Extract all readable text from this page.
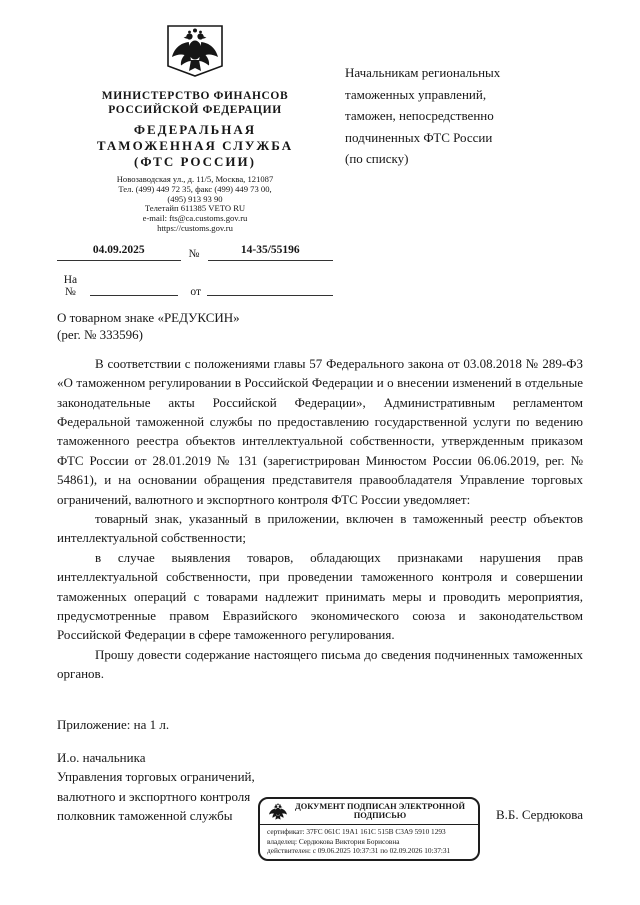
МИНИСТЕРСТВО ФИНАНСОВ
РОССИЙСКОЙ ФЕДЕРАЦИИ
ФЕДЕРАЛЬНАЯ
ТАМОЖЕННАЯ СЛУЖБА
(ФТС РОССИИ)
Новозаводская ул., д. 11/5, Москва, 121087
Тел. (499) 449 72 35, факс (499) 449 73 00,
(495) 913 93 90
Телетайп 611385 VETO RU
e-mail: fts@ca.customs.gov.ru
https://customs.gov.ru
04.09.2025	№	14-35/55196
На №	от
Начальникам региональных
таможенных управлений,
таможен, непосредственно
подчиненных ФТС России
(по списку)
О товарном знаке «РЕДУКСИН»
(рег. № 333596)

В соответствии с положениями главы 57 Федерального закона от 03.08.2018 № 289-ФЗ «О таможенном регулировании в Российской Федерации и о внесении изменений в отдельные законодательные акты Российской Федерации», Административным регламентом Федеральной таможенной службы по предоставлению государственной услуги по ведению таможенного реестра объектов интеллектуальной собственности, утвержденным приказом ФТС России от 28.01.2019 № 131 (зарегистрирован Минюстом России 06.06.2019, рег. № 54861), и на основании обращения представителя правообладателя Управление торговых ограничений, валютного и экспортного контроля ФТС России уведомляет:

товарный знак, указанный в приложении, включен в таможенный реестр объектов интеллектуальной собственности;

в случае выявления товаров, обладающих признаками нарушения прав интеллектуальной собственности, при проведении таможенного контроля и совершении таможенных операций с товарами надлежит принимать меры и проводить мероприятия, предусмотренные правом Евразийского экономического союза и законодательством Российской Федерации в сфере таможенного регулирования.

Прошу довести содержание настоящего письма до сведения подчиненных таможенных органов.

Приложение: на 1 л.
И.о. начальника
Управления торговых ограничений,
валютного и экспортного контроля
полковник таможенной службы	В.Б. Сердюкова
ДОКУМЕНТ ПОДПИСАН ЭЛЕКТРОННОЙ ПОДПИСЬЮ
сертификат: 37FC 061C 19A1 161C 515B C3A9 5910 1293
владелец: Сердюкова Виктория Борисовна
действителен: с 09.06.2025 10:37:31 по 02.09.2026 10:37:31
